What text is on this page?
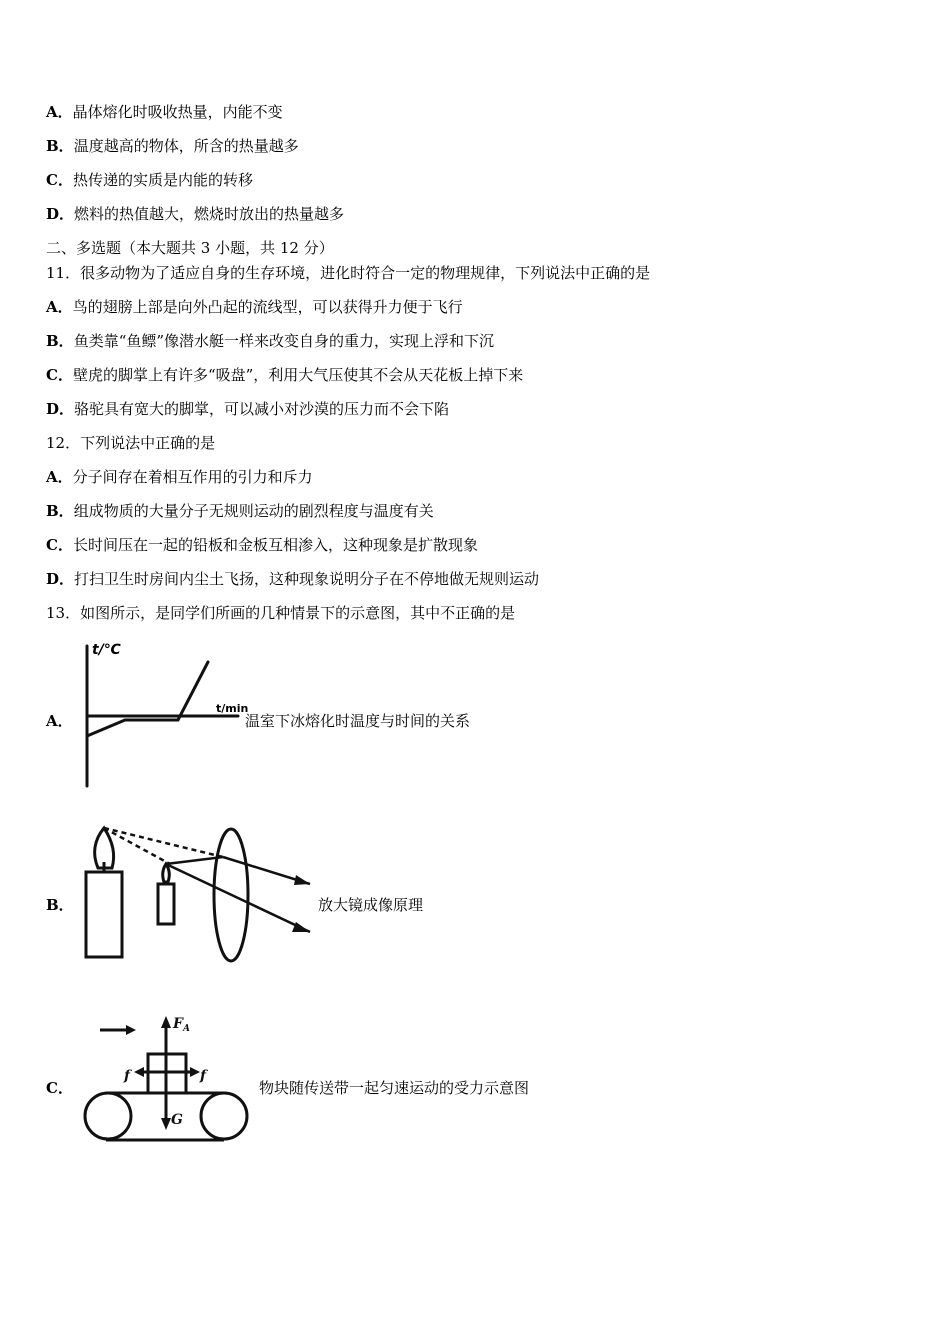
A．晶体熔化时吸收热量，内能不变
B．温度越高的物体，所含的热量越多
C．热传递的实质是内能的转移
D．燃料的热值越大，燃烧时放出的热量越多
二、多选题（本大题共 3 小题，共 12 分）
11．很多动物为了适应自身的生存环境，进化时符合一定的物理规律，下列说法中正确的是
A．鸟的翅膀上部是向外凸起的流线型，可以获得升力便于飞行
B．鱼类靠“鱼鳔”像潜水艇一样来改变自身的重力，实现上浮和下沉
C．壁虎的脚掌上有许多“吸盘”，利用大气压使其不会从天花板上掉下来
D．骆驼具有宽大的脚掌，可以减小对沙漠的压力而不会下陷
12．下列说法中正确的是
A．分子间存在着相互作用的引力和斥力
B．组成物质的大量分子无规则运动的剧烈程度与温度有关
C．长时间压在一起的铅板和金板互相渗入，这种现象是扩散现象
D．打扫卫生时房间内尘土飞扬，这种现象说明分子在不停地做无规则运动
13．如图所示，是同学们所画的几种情景下的示意图，其中不正确的是
A．
t/℃
t/min
温室下冰熔化时温度与时间的关系
B．	放大镜成像原理
C．
$F_A$
f	f
G
物块随传送带一起匀速运动的受力示意图
